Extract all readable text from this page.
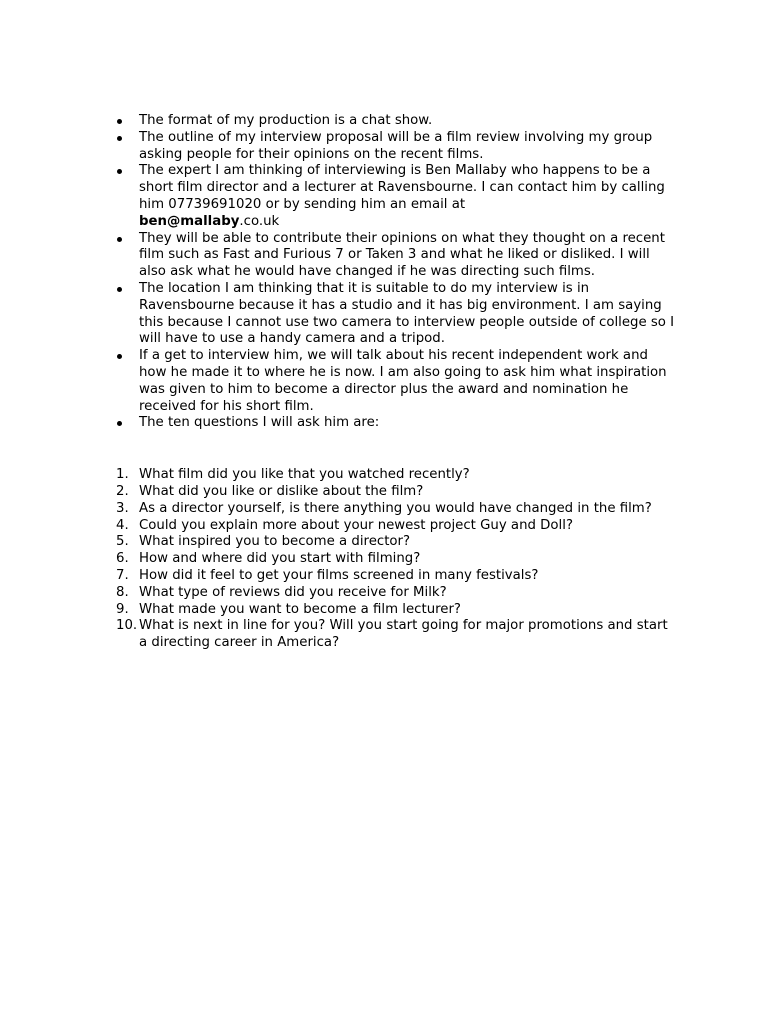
The format of my production is a chat show.
The outline of my interview proposal will be a film review involving my group asking people for their opinions on the recent films.
The expert I am thinking of interviewing is Ben Mallaby who happens to be a short film director and a lecturer at Ravensbourne. I can contact him by calling him 07739691020 or by sending him an email at
ben@mallaby.co.uk
They will be able to contribute their opinions on what they thought on a recent film such as Fast and Furious 7 or Taken 3 and what he liked or disliked. I will also ask what he would have changed if he was directing such films.
The location I am thinking that it is suitable to do my interview is in Ravensbourne because it has a studio and it has big environment. I am saying this because I cannot use two camera to interview people outside of college so I will have to use a handy camera and a tripod.
If a get to interview him, we will talk about his recent independent work and how he made it to where he is now. I am also going to ask him what inspiration was given to him to become a director plus the award and nomination he received for his short film.
The ten questions I will ask him are:
1. What film did you like that you watched recently?
2. What did you like or dislike about the film?
3. As a director yourself, is there anything you would have changed in the film?
4. Could you explain more about your newest project Guy and Doll?
5. What inspired you to become a director?
6. How and where did you start with filming?
7. How did it feel to get your films screened in many festivals?
8. What type of reviews did you receive for Milk?
9. What made you want to become a film lecturer?
10. What is next in line for you? Will you start going for major promotions and start a directing career in America?
